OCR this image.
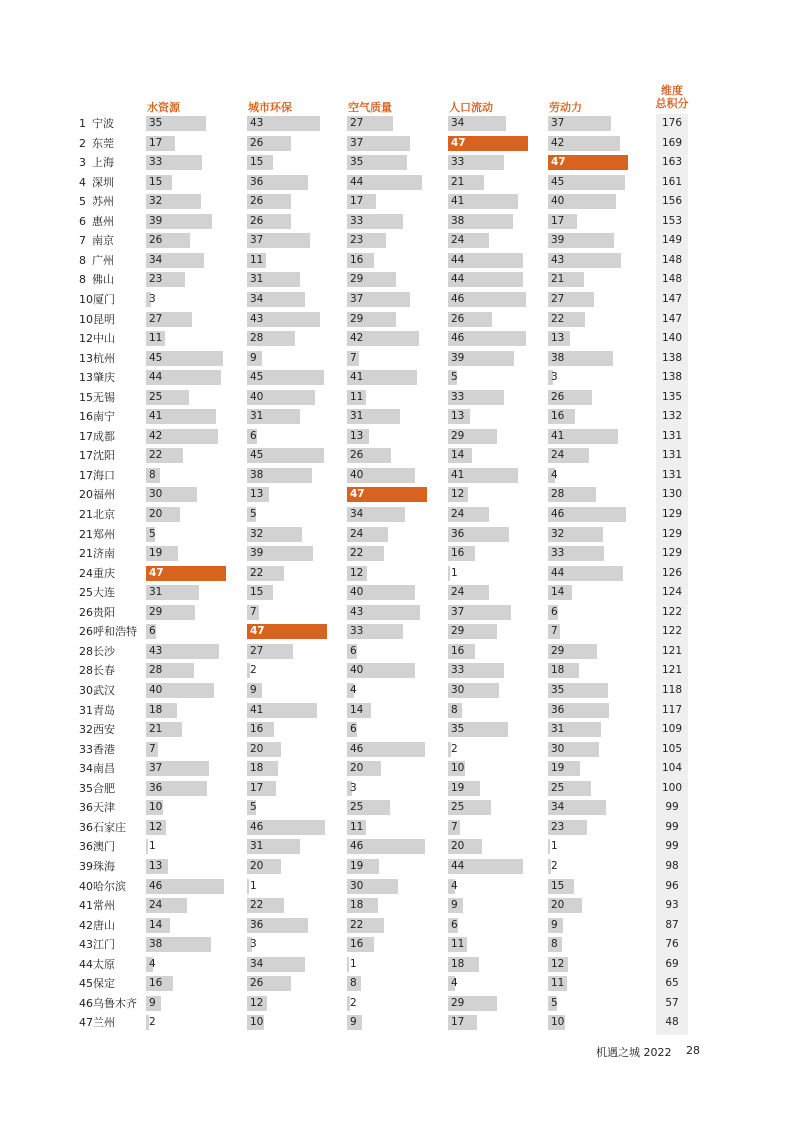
水资源	城市环保	空气质量	人口流动	劳动力
维度
总积分
1 宁波	35	43	27	34	37	176
2 东莞	17	26	37	47	42	169
3 上海	33	15	35	33	47	163
4 深圳	15	36	44	21	45	161
5 苏州	32	26	17	41	40	156
6 惠州	39	26	33	38	17	153
7 南京	26	37	23	24	39	149
8 广州	34	11	16	44	43	148
8 佛山	23	31	29	44	21	148
10厦门	3	34	37	46	27	147
10昆明	27	43	29	26	22	147
12中山	11	28	42	46	13	140
13杭州	45	9	7	39	38	138
13肇庆	44	45	41	5	3	138
15无锡	25	40	11	33	26	135
16南宁	41	31	31	13	16	132
17成都	42	6	13	29	41	131
17沈阳	22	45	26	14	24	131
17海口	8	38	40	41	4	131
20福州	30	13	47	12	28	130
21北京	20	5	34	24	46	129
21郑州	5	32	24	36	32	129
21济南	19	39	22	16	33	129
24重庆	47	22	12	1	44	126
25大连	31	15	40	24	14	124
26贵阳	29	7	43	37	6	122
26呼和浩特 6	47	33	29	7	122
28长沙	43	27	6	16	29	121
28长春	28	2	40	33	18	121
30武汉	40	9	4	30	35	118
31青岛	18	41	14	8	36	117
32西安	21	16	6	35	31	109
33香港	7	20	46	2	30	105
34南昌	37	18	20	10	19	104
35合肥	36	17	3	19	25	100
36天津	10	5	25	25	34	99
36石家庄 12	46	11	7	23	99
36澳门	1	31	46	20	1	99
39珠海	13	20	19	44	2	98
40哈尔滨 46	1	30	4	15	96
41常州	24	22	18	9	20	93
42唐山	14	36	22	6	9	87
43江门	38	3	16	11	8	76
44太原	4	34	1	18	12	69
45保定	16	26	8	4	11	65
46乌鲁木齐 9	12	2	29	5	57
47兰州	2	10	9	17	10	48
机遇之城 2022 28
